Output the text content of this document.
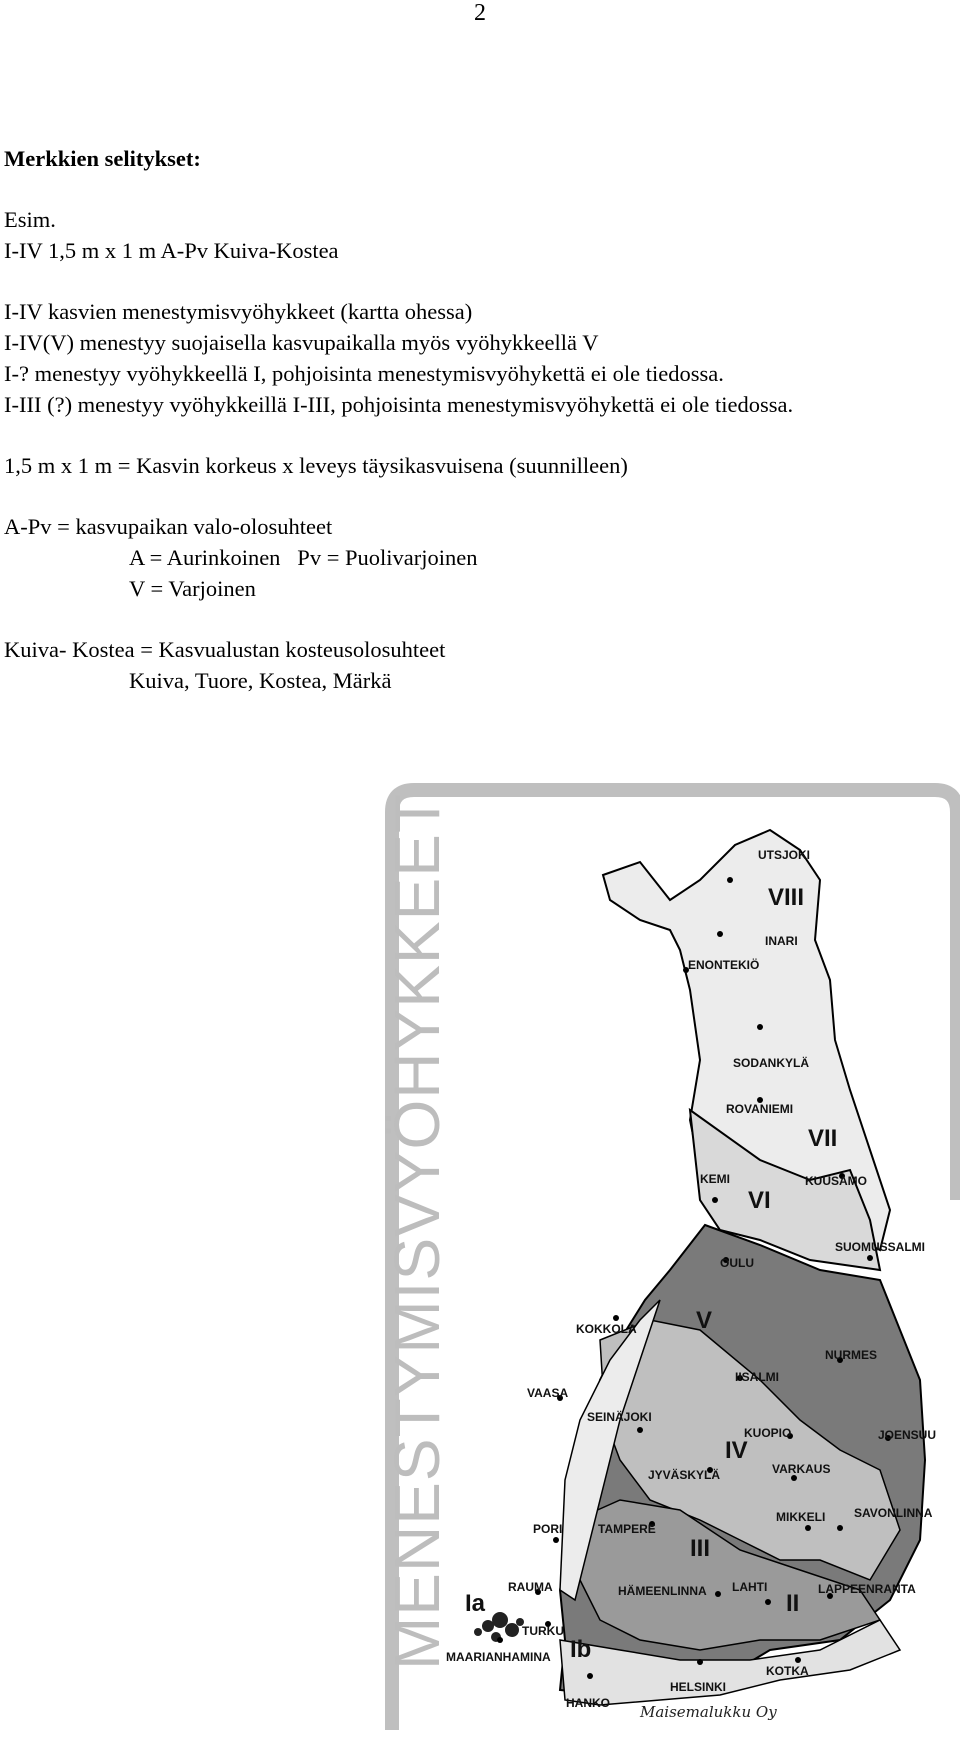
2
Merkkien selitykset:
Esim.
I-IV 1,5 m x 1 m A-Pv Kuiva-Kostea
I-IV kasvien menestymisvyöhykkeet (kartta ohessa)
I-IV(V) menestyy suojaisella kasvupaikalla myös vyöhykkeellä V
I-? menestyy vyöhykkeellä I, pohjoisinta menestymisvyöhykettä ei ole tiedossa.
I-III (?) menestyy vyöhykkeillä I-III, pohjoisinta menestymisvyöhykettä ei ole tiedossa.
1,5 m x 1 m = Kasvin korkeus x leveys täysikasvuisena (suunnilleen)
A-Pv = kasvupaikan valo-olosuhteet
A = Aurinkoinen   Pv = Puolivarjoinen
V = Varjoinen
Kuiva- Kostea = Kasvualustan kosteusolosuhteet
Kuiva, Tuore, Kostea, Märkä
MENESTYMISVYÖHYKKEET	VIII
VII
VI
V
IV
III
II
Ia
Ib
UTSJOKI
INARI
ENONTEKIÖ
SODANKYLÄ
ROVANIEMI
KEMI	KUUSAMO
SUOMUSSALMI
OULU
KOKKOLA
NURMES
IISALMI
VAASA
SEINÄJOKI
KUOPIO	JOENSUU
JYVÄSKYLÄ	VARKAUS
PORI	TAMPERE
MIKKELI SAVONLINNA
RAUMA	HÄMEENLINNA LAHTI	LAPPEENRANTA
TURKU
MAARIANHAMINA
KOTKA
HELSINKI
HANKO Maisemalukku Oy
